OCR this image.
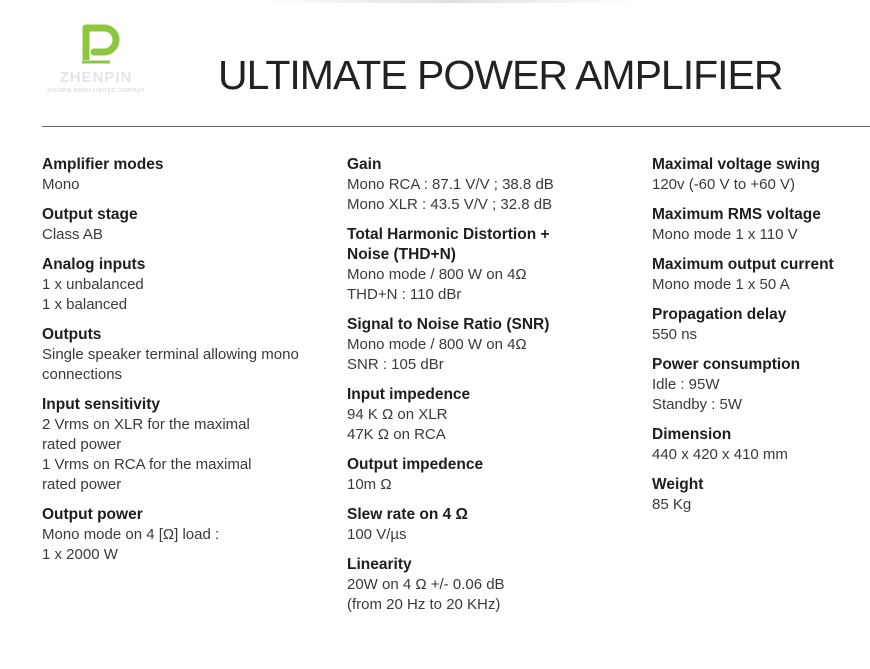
ZHENPIN
ZHENPIN AUDIO LIMITED COMPANY ULTIMATE POWER AMPLIFIER
Amplifier modes
Mono
Output stage
Class AB
Analog inputs
1 x unbalanced
1 x balanced
Outputs
Single speaker terminal allowing mono
connections
Input sensitivity
2 Vrms on XLR for the maximal
rated power
1 Vrms on RCA for the maximal
rated power
Output power
Mono mode on 4 [Ω] load :
1 x 2000 W
Gain
Mono RCA : 87.1 V/V ; 38.8 dB
Mono XLR : 43.5 V/V ; 32.8 dB
Total Harmonic Distortion +
Noise (THD+N)
Mono mode / 800 W on 4Ω
THD+N : 110 dBr
Signal to Noise Ratio (SNR)
Mono mode / 800 W on 4Ω
SNR : 105 dBr
Input impedence
94 K Ω on XLR
47K Ω on RCA
Output impedence
10m Ω
Slew rate on 4 Ω
100 V/µs
Linearity
20W on 4 Ω +/- 0.06 dB
(from 20 Hz to 20 KHz)
Maximal voltage swing
120v (-60 V to +60 V)
Maximum RMS voltage
Mono mode 1 x 110 V
Maximum output current
Mono mode 1 x 50 A
Propagation delay
550 ns
Power consumption
Idle : 95W
Standby : 5W
Dimension
440 x 420 x 410 mm
Weight
85 Kg
